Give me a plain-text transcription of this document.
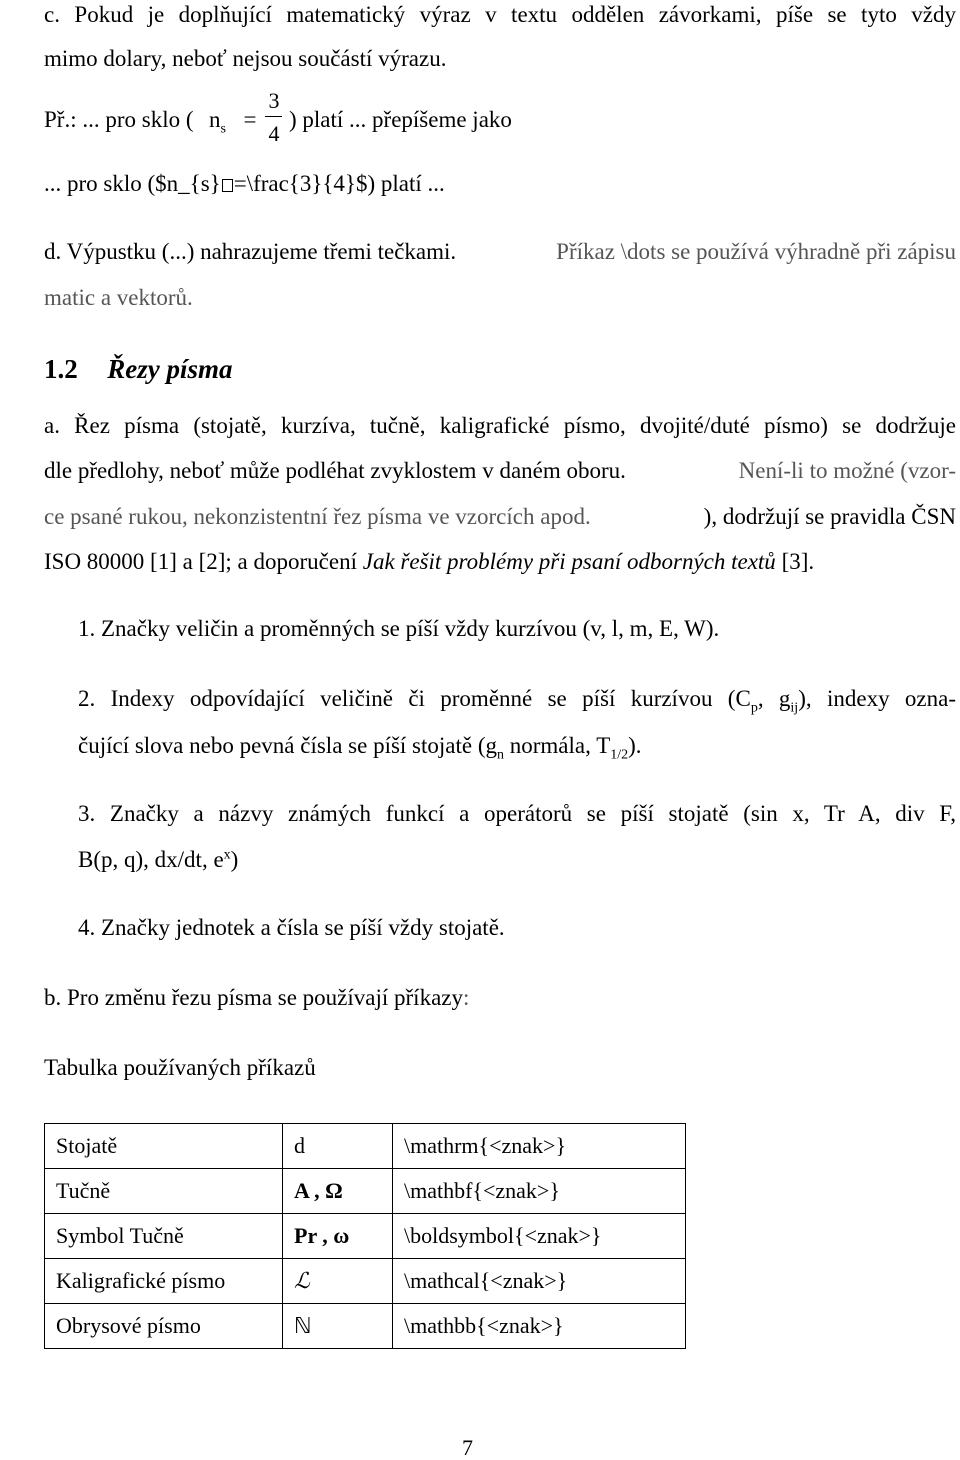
c. Pokud je doplňující matematický výraz v textu oddělen závorkami, píše se tyto vždy
mimo dolary, neboť nejsou součástí výrazu.
Př.: ... pro sklo ( $n_s$ =
3
4
) platí ... přepíšeme jako
... pro sklo ($n_{s} =\frac{3}{4}$) platí ...
d. Výpustku (...) nahrazujeme třemi tečkami.	Příkaz \dots se používá výhradně při zápisu
matic a vektorů.
1.2 Řezy písma
a. Řez písma (stojatě, kurzíva, tučně, kaligrafické písmo, dvojité/duté písmo) se dodržuje
dle předlohy, neboť může podléhat zvyklostem v daném oboru.	Není-li to možné (vzor-
ce psané rukou, nekonzistentní řez písma ve vzorcích apod.	), dodržují se pravidla ČSN
ISO 80000 [1] a [2]; a doporučení Jak řešit problémy při psaní odborných textů [3].
1. Značky veličin a proměnných se píší vždy kurzívou (v, l, m, E, W).
2. Indexy odpovídající veličině či proměnné se píší kurzívou ($C_p$, $g_{ij}$), indexy ozna-
čující slova nebo pevná čísla se píší stojatě ($g_n$ normála, $T_{1/2}$).
3. Značky a názvy známých funkcí a operátorů se píší stojatě (sin x, Tr A, div F,
B(p, q), dx/dt, $e^x$)
4. Značky jednotek a čísla se píší vždy stojatě.
b. Pro změnu řezu písma se používají příkazy:
Tabulka používaných příkazů
Stojatě	d	\mathrm{<znak>}
Tučně	A , Ω	\mathbf{<znak>}
Symbol Tučně	Pr , ω	\boldsymbol{<znak>}
Kaligrafické písmo	ℒ	\mathcal{<znak>}
Obrysové písmo	ℕ	\mathbb{<znak>}
7
